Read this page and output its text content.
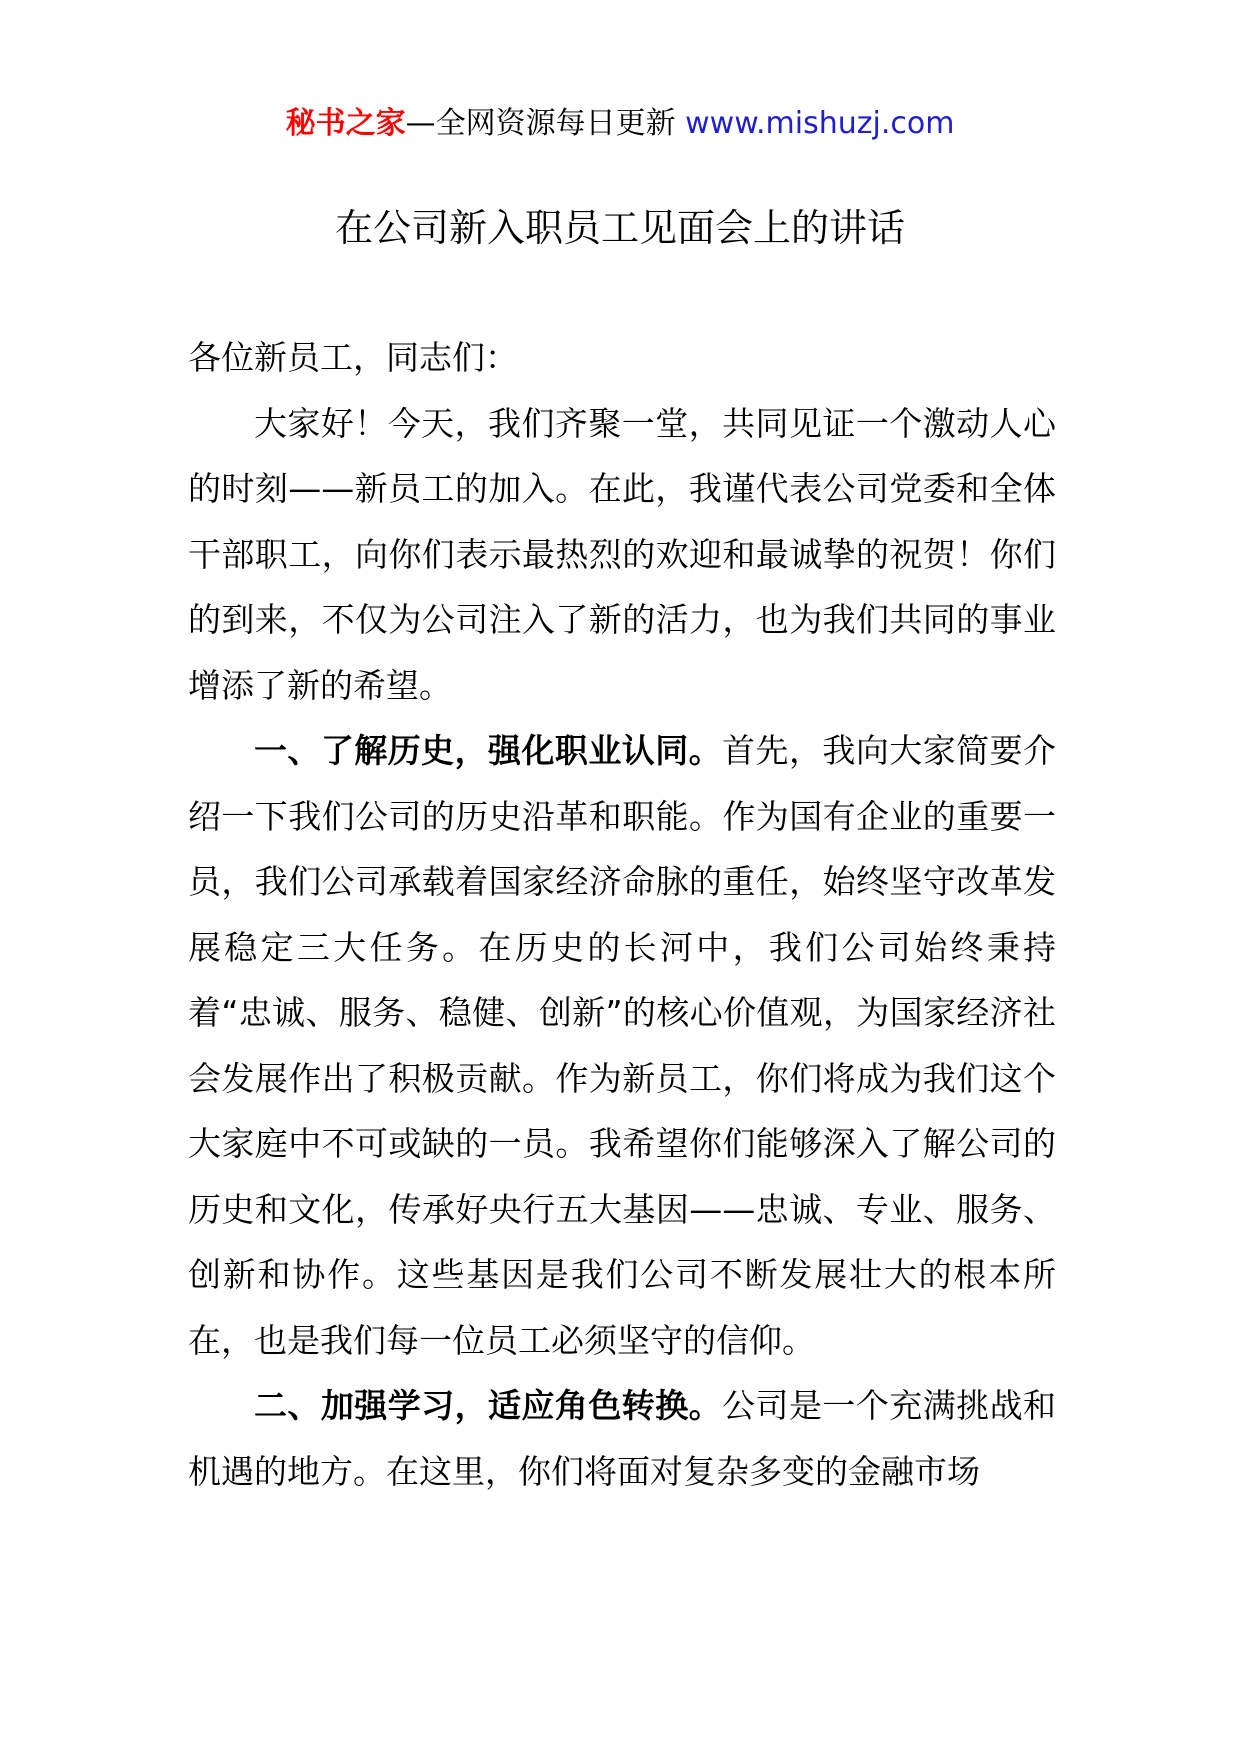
秘书之家—全网资源每日更新 www.mishuzj.com
在公司新入职员工见面会上的讲话

各位新员工，同志们：

大家好！今天，我们齐聚一堂，共同见证一个激动人心的时刻——新员工的加入。在此，我谨代表公司党委和全体干部职工，向你们表示最热烈的欢迎和最诚挚的祝贺！你们的到来，不仅为公司注入了新的活力，也为我们共同的事业增添了新的希望。

一、了解历史，强化职业认同。首先，我向大家简要介绍一下我们公司的历史沿革和职能。作为国有企业的重要一员，我们公司承载着国家经济命脉的重任，始终坚守改革发展稳定三大任务。在历史的长河中，我们公司始终秉持着“忠诚、服务、稳健、创新”的核心价值观，为国家经济社会发展作出了积极贡献。作为新员工，你们将成为我们这个大家庭中不可或缺的一员。我希望你们能够深入了解公司的历史和文化，传承好央行五大基因——忠诚、专业、服务、创新和协作。这些基因是我们公司不断发展壮大的根本所在，也是我们每一位员工必须坚守的信仰。

二、加强学习，适应角色转换。公司是一个充满挑战和机遇的地方。在这里，你们将面对复杂多变的金融市场
